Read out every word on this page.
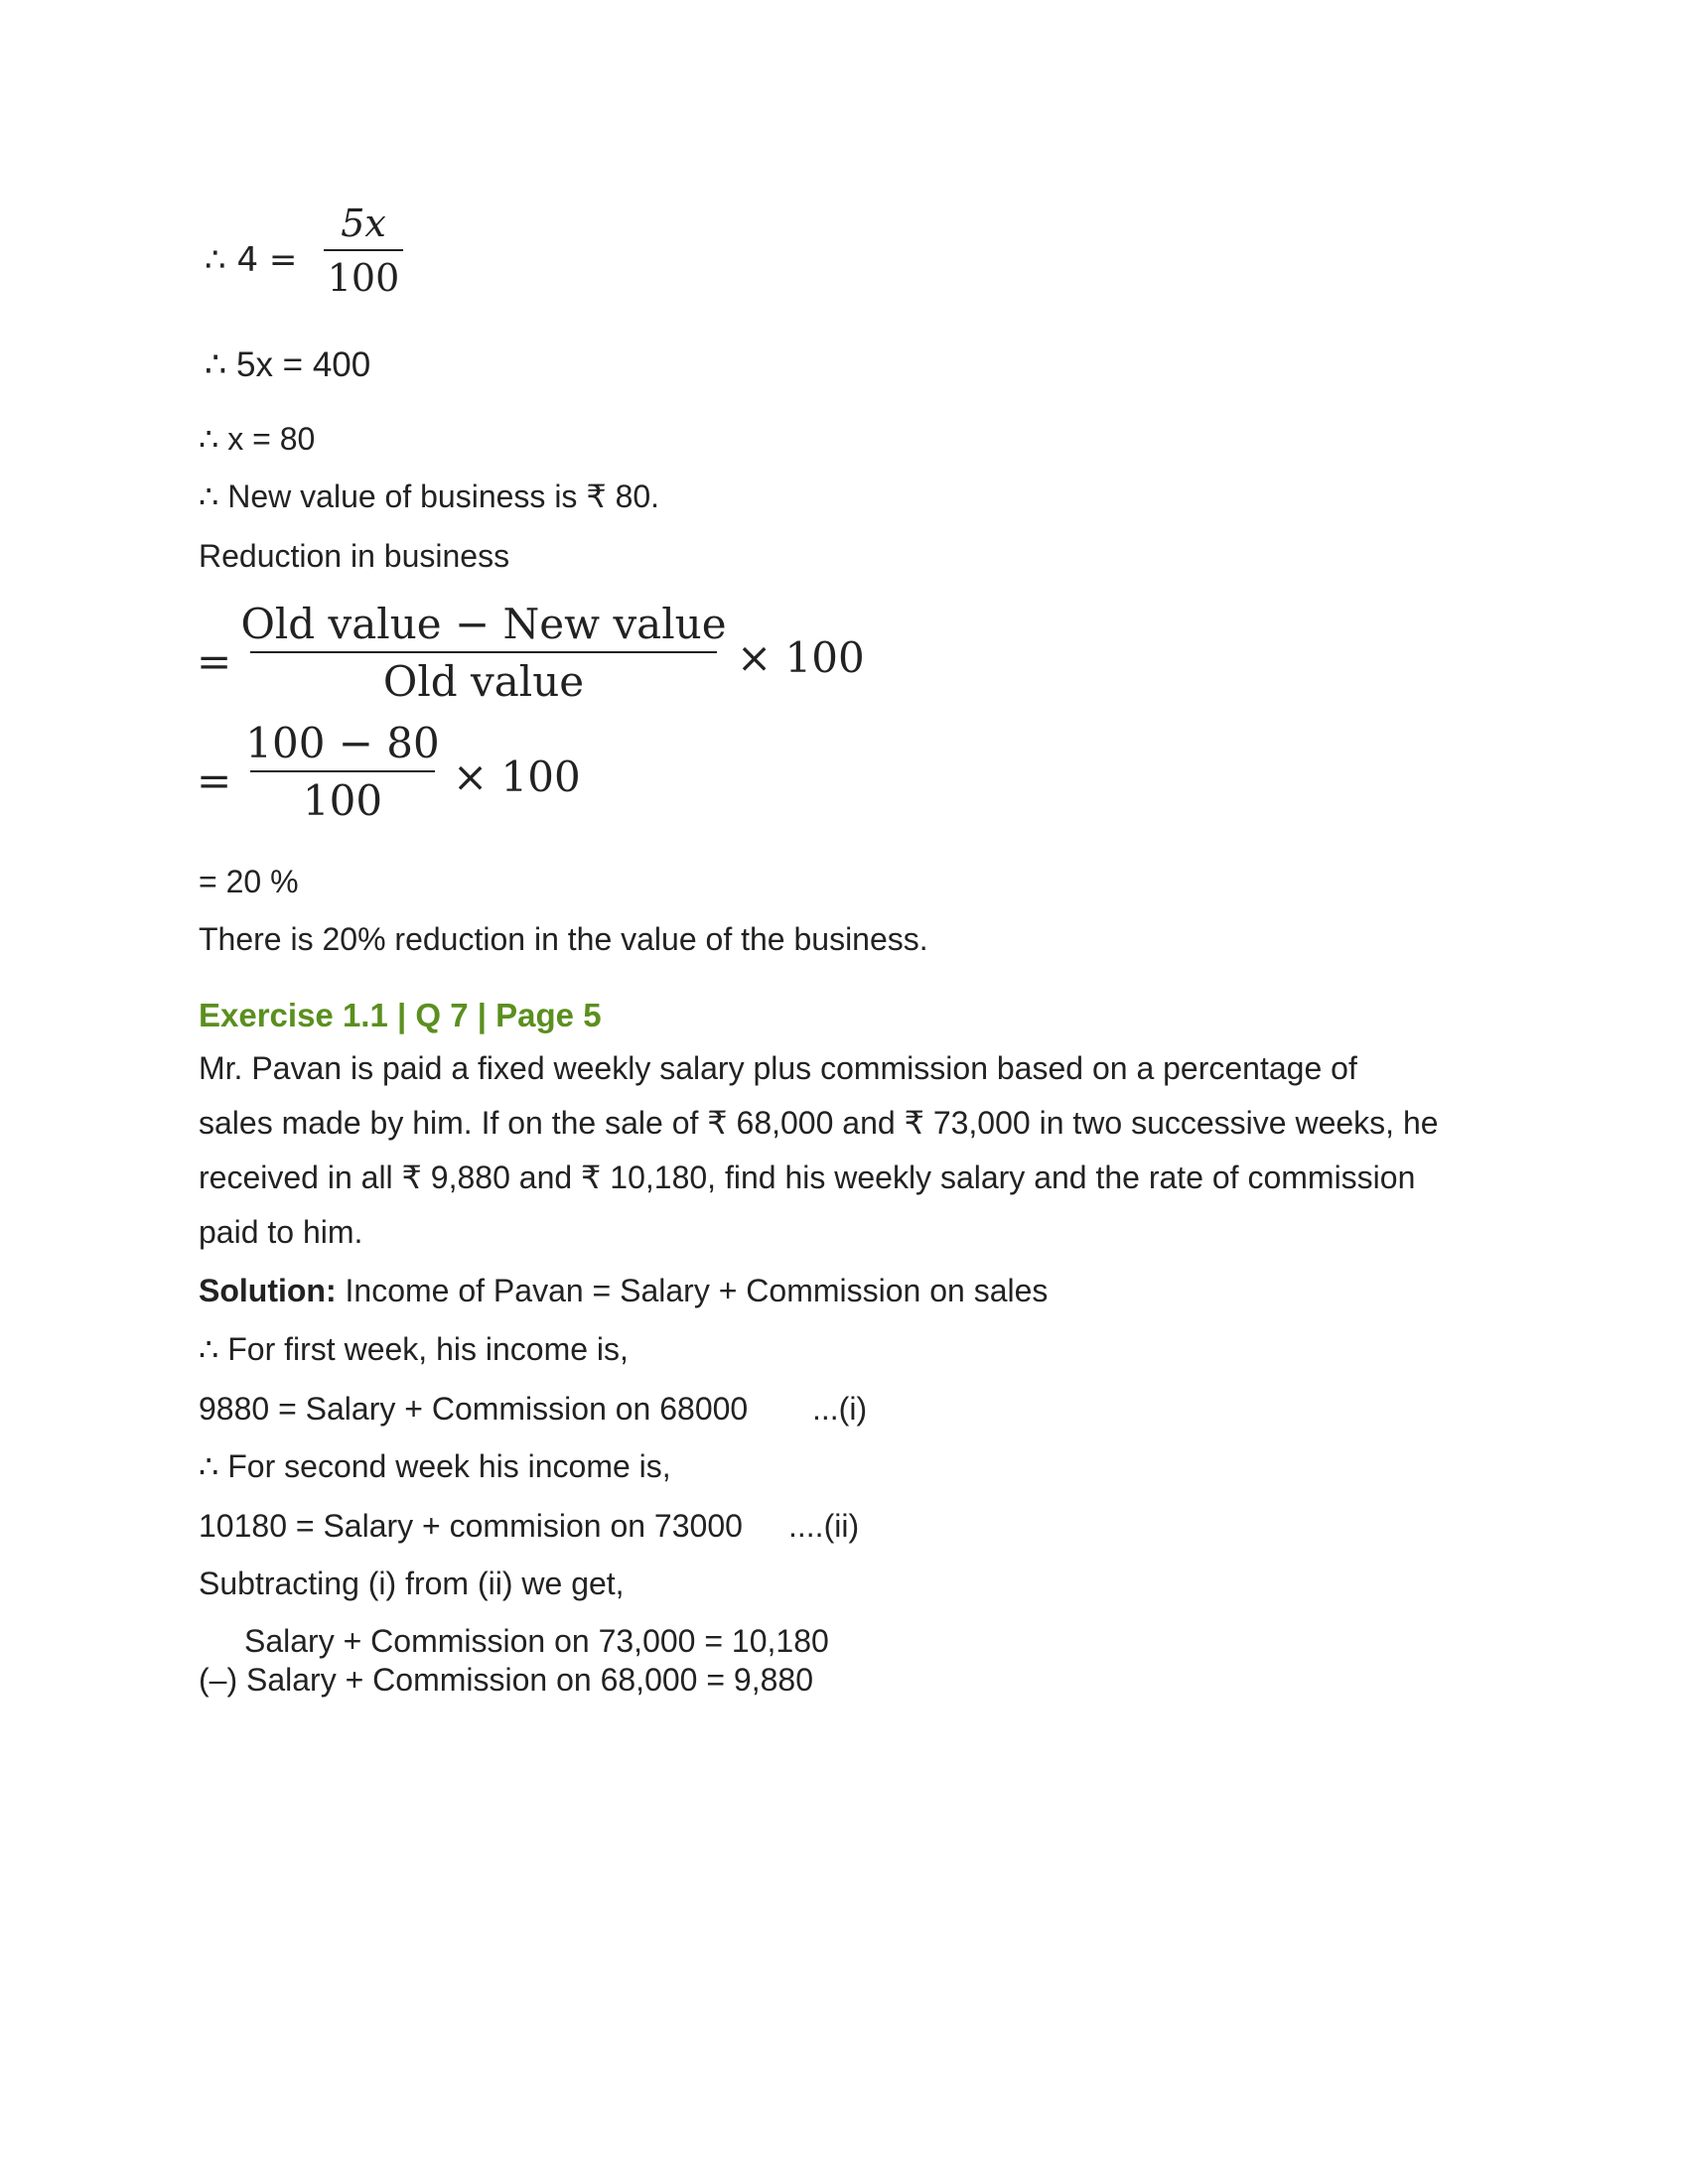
∴ 4 =
5x
100
∴ 5x = 400
∴ x = 80
∴ New value of business is ₹ 80.
Reduction in business
=
Old value − New value
Old value	× 100
=
100 − 80
100 × 100
= 20 %
There is 20% reduction in the value of the business.
Exercise 1.1 | Q 7 | Page 5
Mr. Pavan is paid a fixed weekly salary plus commission based on a percentage of
sales made by him. If on the sale of ₹ 68,000 and ₹ 73,000 in two successive weeks, he
received in all ₹ 9,880 and ₹ 10,180, find his weekly salary and the rate of commission
paid to him.
Solution: Income of Pavan = Salary + Commission on sales
∴ For first week, his income is,
9880 = Salary + Commission on 68000 ...(i)
∴ For second week his income is,
10180 = Salary + commision on 73000 ....(ii)
Subtracting (i) from (ii) we get,
Salary + Commission on 73,000 = 10,180
(–) Salary + Commission on 68,000 = 9,880
